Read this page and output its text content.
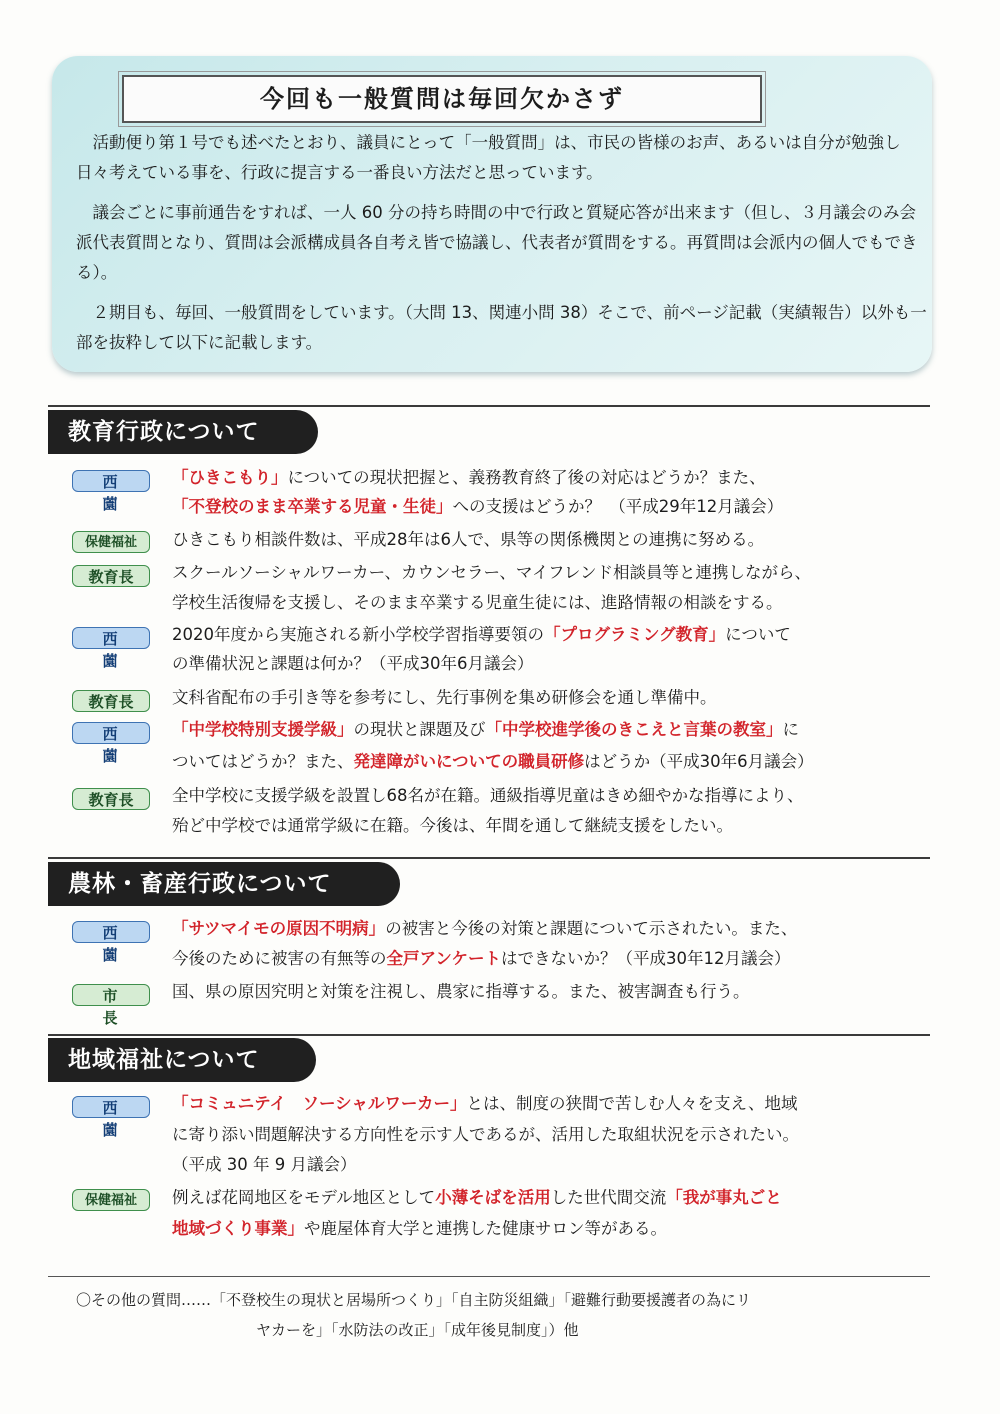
今回も一般質問は毎回欠かさず

　活動便り第１号でも述べたとおり、議員にとって「一般質問」は、市民の皆様のお声、あるいは自分が勉強し日々考えている事を、行政に提言する一番良い方法だと思っています。

　議会ごとに事前通告をすれば、一人 60 分の持ち時間の中で行政と質疑応答が出来ます（但し、３月議会のみ会派代表質問となり、質問は会派構成員各自考え皆で協議し、代表者が質問をする。再質問は会派内の個人でもできる）。

　２期目も、毎回、一般質問をしています。（大問 13、関連小問 38）そこで、前ページ記載（実績報告）以外も一部を抜粋して以下に記載します。

教育行政について
西　薗
「ひきこもり」についての現状把握と、義務教育終了後の対応はどうか？また、
「不登校のまま卒業する児童・生徒」への支援はどうか？　（平成29年12月議会）
保健福祉	ひきこもり相談件数は、平成28年は6人で、県等の関係機関との連携に努める。
教育長	スクールソーシャルワーカー、カウンセラー、マイフレンド相談員等と連携しながら、
学校生活復帰を支援し、そのまま卒業する児童生徒には、進路情報の相談をする。
西　薗
2020年度から実施される新小学校学習指導要領の「プログラミング教育」について
の準備状況と課題は何か？（平成30年6月議会）
教育長	文科省配布の手引き等を参考にし、先行事例を集め研修会を通し準備中。
西　薗
「中学校特別支援学級」の現状と課題及び「中学校進学後のきこえと言葉の教室」に
ついてはどうか？また、発達障がいについての職員研修はどうか（平成30年6月議会）
教育長	全中学校に支援学級を設置し68名が在籍。通級指導児童はきめ細やかな指導により、
殆ど中学校では通常学級に在籍。今後は、年間を通して継続支援をしたい。
農林・畜産行政について
西　薗
「サツマイモの原因不明病」の被害と今後の対策と課題について示されたい。また、
今後のために被害の有無等の全戸アンケートはできないか？（平成30年12月議会）
市　長
国、県の原因究明と対策を注視し、農家に指導する。また、被害調査も行う。
地域福祉について
西　薗
「コミュニテイ　ソーシャルワーカー」とは、制度の狭間で苦しむ人々を支え、地域
に寄り添い問題解決する方向性を示す人であるが、活用した取組状況を示されたい。
（平成 30 年 9 月議会）
保健福祉	例えば花岡地区をモデル地区として小薄そばを活用した世代間交流「我が事丸ごと
地域づくり事業」や鹿屋体育大学と連携した健康サロン等がある。
〇その他の質問……「不登校生の現状と居場所つくり」「自主防災組織」「避難行動要援護者の為にリ
ヤカーを」「水防法の改正」「成年後見制度」）他
